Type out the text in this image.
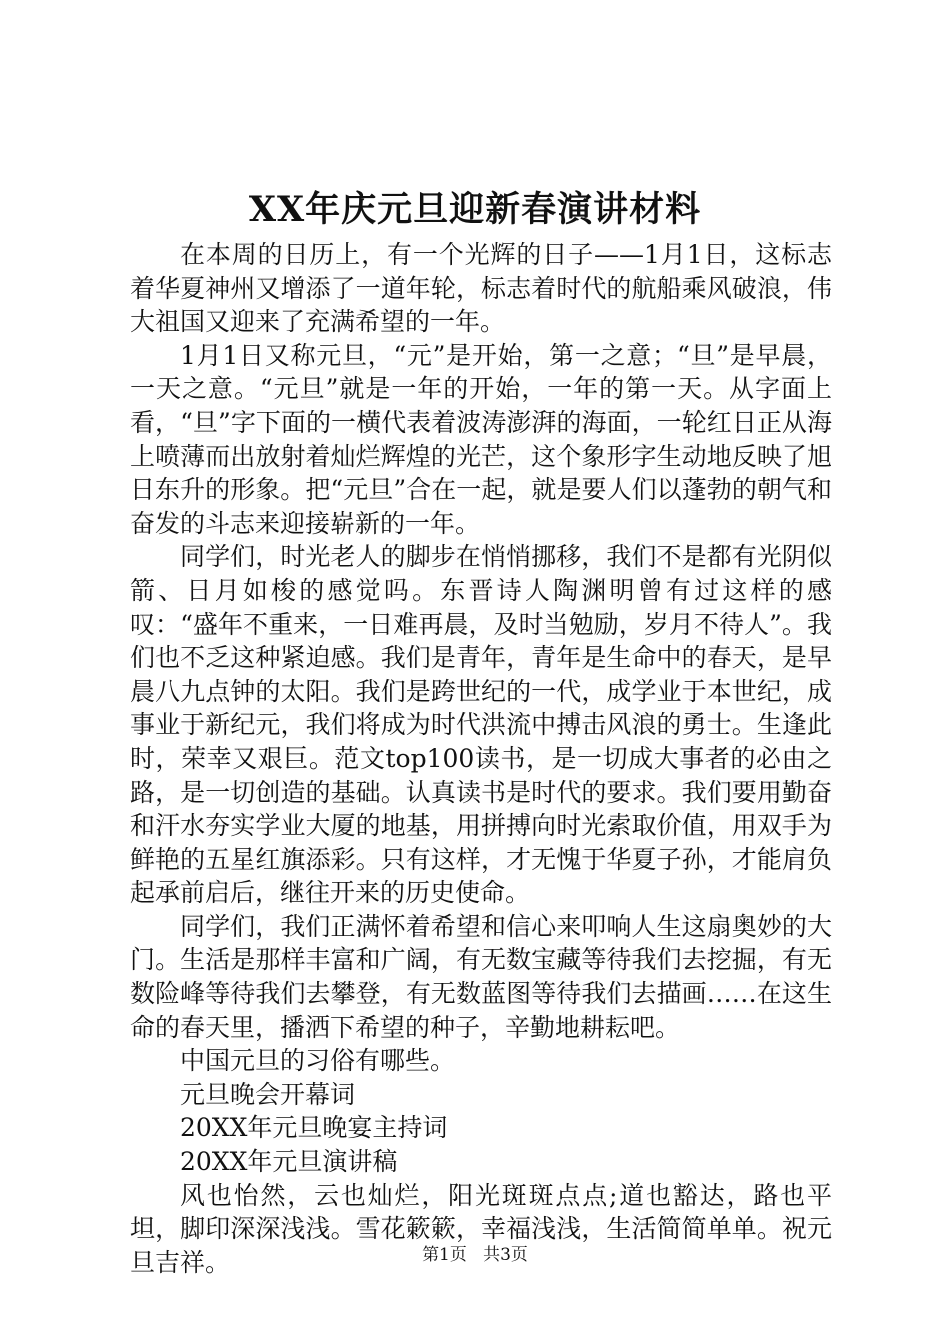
XX年庆元旦迎新春演讲材料

在本周的日历上，有一个光辉的日子——1月1日，这标志着华夏神州又增添了一道年轮，标志着时代的航船乘风破浪，伟大祖国又迎来了充满希望的一年。

1月1日又称元旦，“元”是开始，第一之意；“旦”是早晨，一天之意。“元旦”就是一年的开始，一年的第一天。从字面上看，“旦”字下面的一横代表着波涛澎湃的海面，一轮红日正从海上喷薄而出放射着灿烂辉煌的光芒，这个象形字生动地反映了旭日东升的形象。把“元旦”合在一起，就是要人们以蓬勃的朝气和奋发的斗志来迎接崭新的一年。

同学们，时光老人的脚步在悄悄挪移，我们不是都有光阴似箭、日月如梭的感觉吗。东晋诗人陶渊明曾有过这样的感叹：“盛年不重来，一日难再晨，及时当勉励，岁月不待人”。我们也不乏这种紧迫感。我们是青年，青年是生命中的春天，是早晨八九点钟的太阳。我们是跨世纪的一代，成学业于本世纪，成事业于新纪元，我们将成为时代洪流中搏击风浪的勇士。生逢此时，荣幸又艰巨。范文top100读书，是一切成大事者的必由之路，是一切创造的基础。认真读书是时代的要求。我们要用勤奋和汗水夯实学业大厦的地基，用拼搏向时光索取价值，用双手为鲜艳的五星红旗添彩。只有这样，才无愧于华夏子孙，才能肩负起承前启后，继往开来的历史使命。

同学们，我们正满怀着希望和信心来叩响人生这扇奥妙的大门。生活是那样丰富和广阔，有无数宝藏等待我们去挖掘，有无数险峰等待我们去攀登，有无数蓝图等待我们去描画……在这生命的春天里，播洒下希望的种子，辛勤地耕耘吧。

中国元旦的习俗有哪些。

元旦晚会开幕词

20XX年元旦晚宴主持词

20XX年元旦演讲稿

风也怡然，云也灿烂，阳光斑斑点点;道也豁达，路也平坦，脚印深深浅浅。雪花簌簌，幸福浅浅，生活简简单单。祝元旦吉祥。	第1页 共3页
